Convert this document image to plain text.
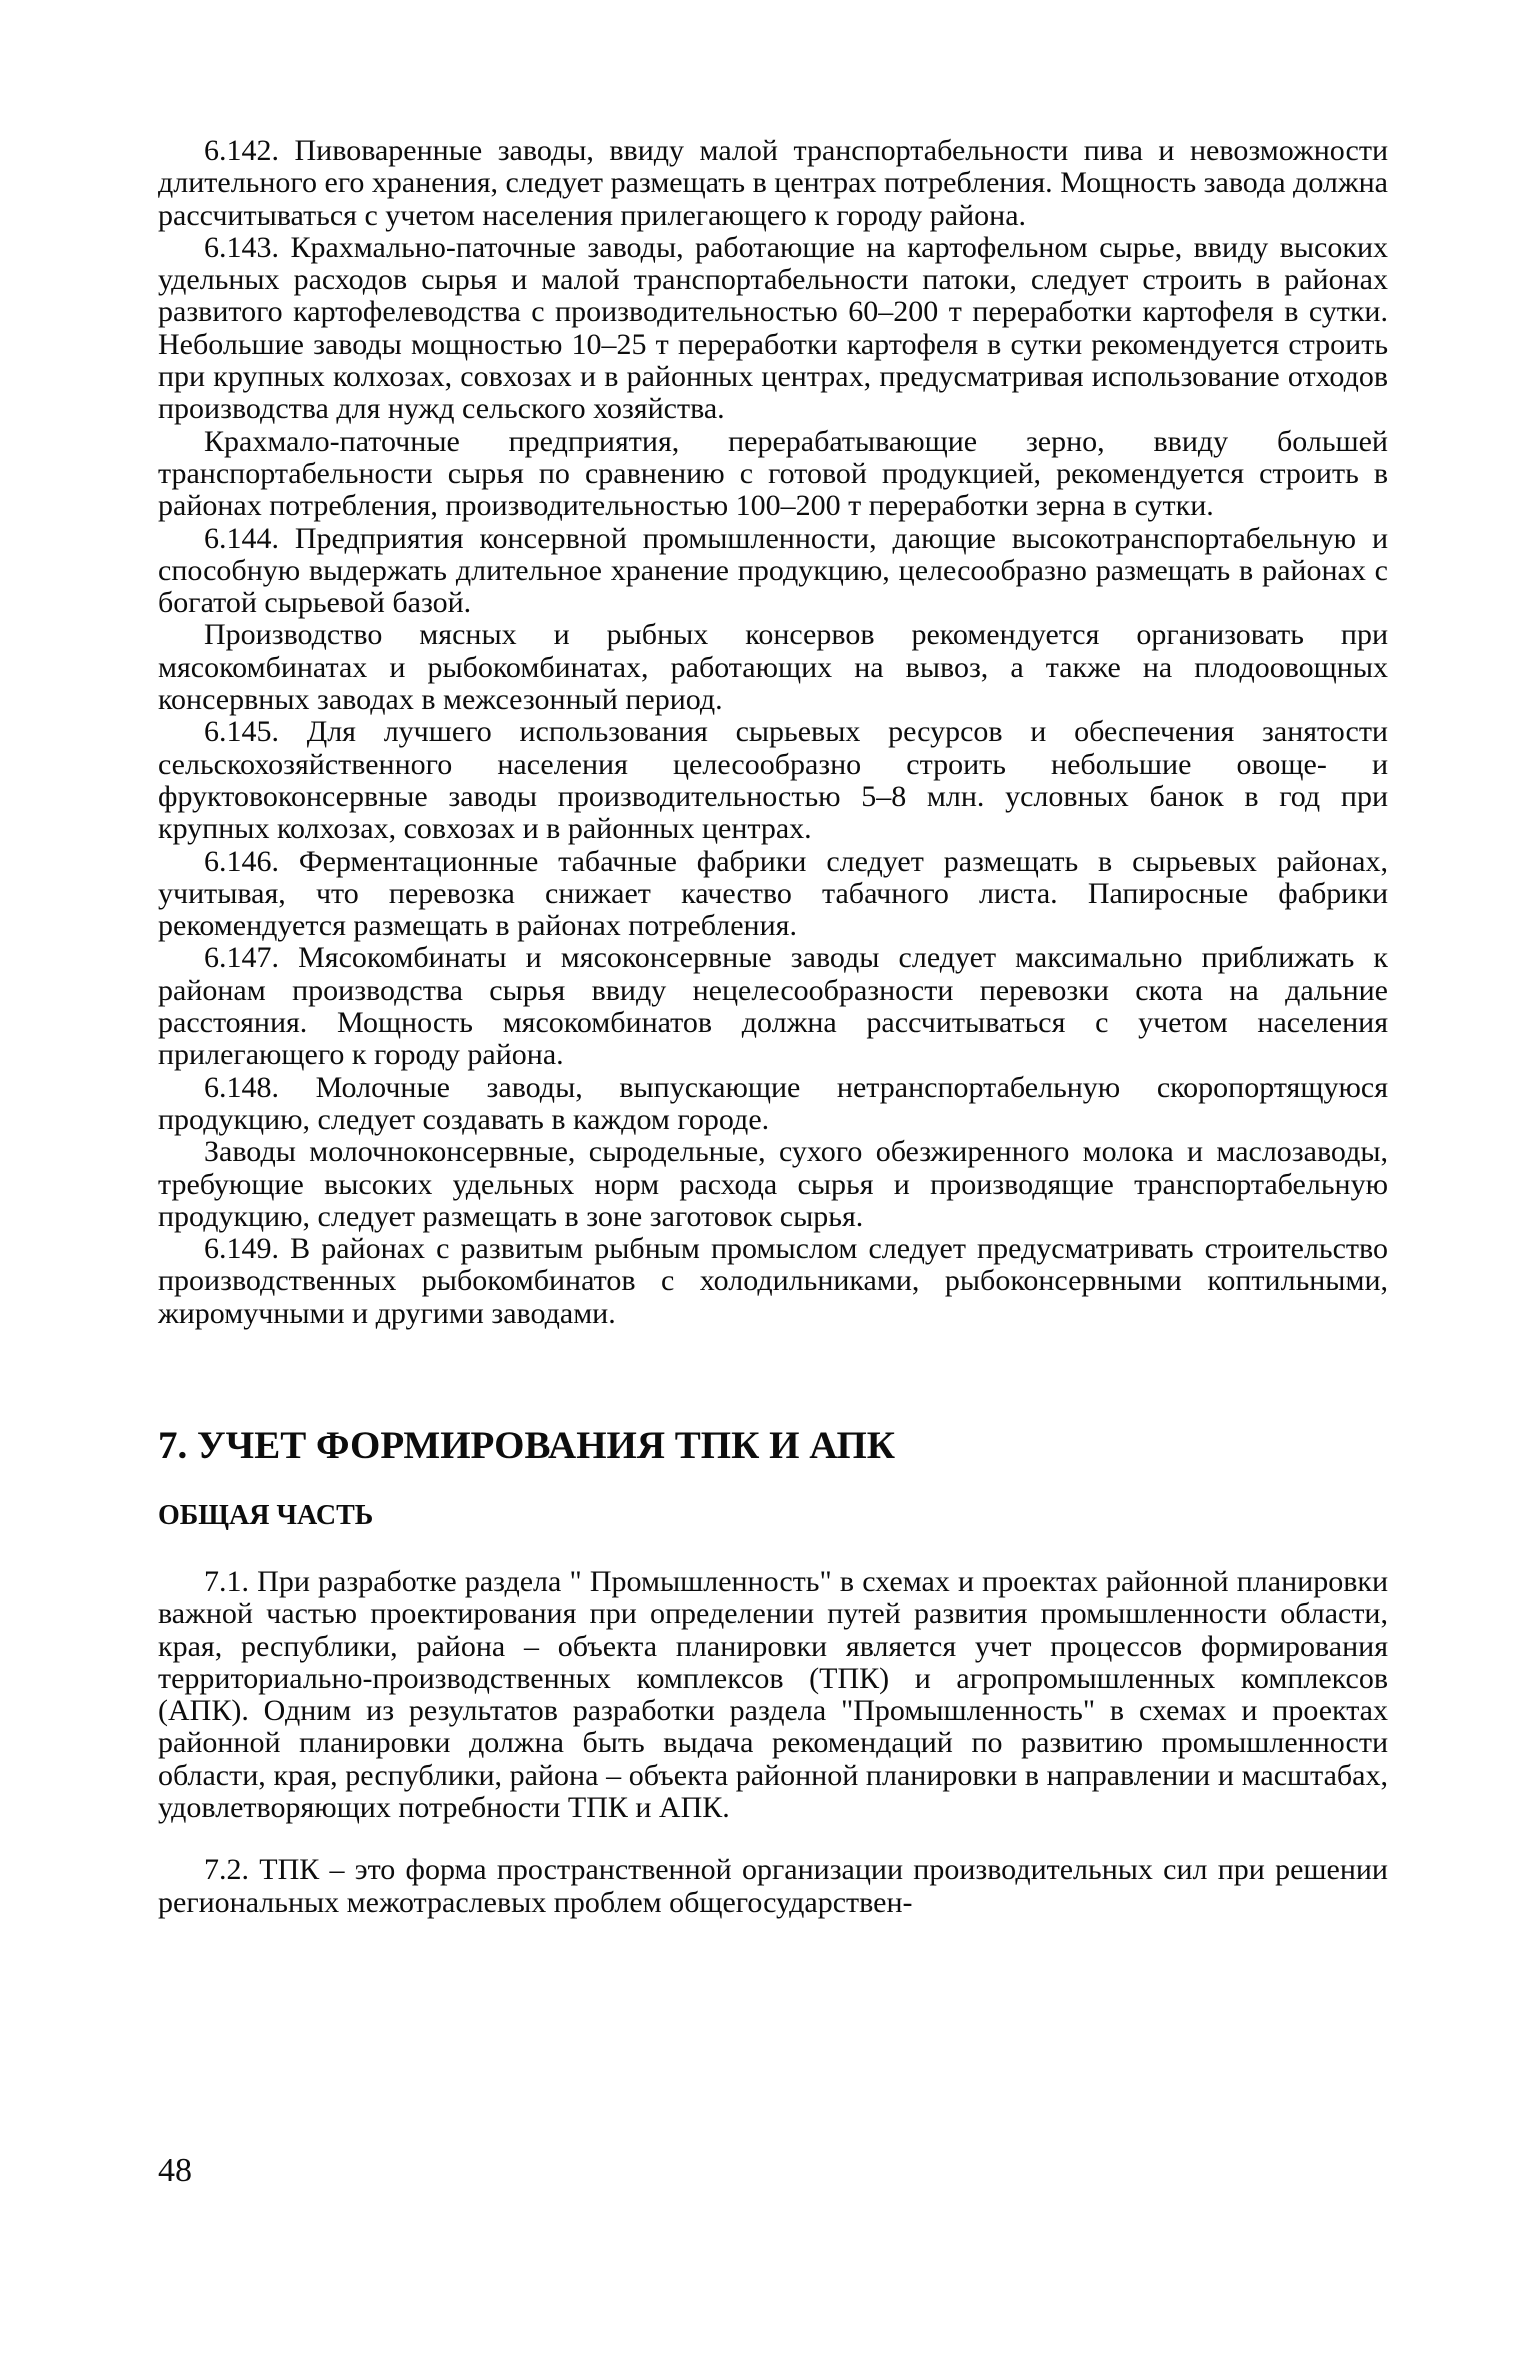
6.142. Пивоваренные заводы, ввиду малой транспортабельности пива и невозможности длительного его хранения, следует размещать в центрах потребления. Мощность завода должна рассчитываться с учетом населения прилегающего к городу района.

6.143. Крахмально-паточные заводы, работающие на картофельном сырье, ввиду высоких удельных расходов сырья и малой транспортабельности патоки, следует строить в районах развитого картофелеводства с производительностью 60–200 т переработки картофеля в сутки. Небольшие заводы мощностью 10–25 т переработки картофеля в сутки рекомендуется строить при крупных колхозах, совхозах и в районных центрах, предусматривая использование отходов производства для нужд сельского хозяйства.

Крахмало-паточные предприятия, перерабатывающие зерно, ввиду большей транспортабельности сырья по сравнению с готовой продукцией, рекомендуется строить в районах потребления, производительностью 100–200 т переработки зерна в сутки.

6.144. Предприятия консервной промышленности, дающие высокотранспортабельную и способную выдержать длительное хранение продукцию, целесообразно размещать в районах с богатой сырьевой базой.

Производство мясных и рыбных консервов рекомендуется организовать при мясокомбинатах и рыбокомбинатах, работающих на вывоз, а также на плодоовощных консервных заводах в межсезонный период.

6.145. Для лучшего использования сырьевых ресурсов и обеспечения занятости сельскохозяйственного населения целесообразно строить небольшие овоще- и фруктовоконсервные заводы производительностью 5–8 млн. условных банок в год при крупных колхозах, совхозах и в районных центрах.

6.146. Ферментационные табачные фабрики следует размещать в сырьевых районах, учитывая, что перевозка снижает качество табачного листа. Папиросные фабрики рекомендуется размещать в районах потребления.

6.147. Мясокомбинаты и мясоконсервные заводы следует максимально приближать к районам производства сырья ввиду нецелесообразности перевозки скота на дальние расстояния. Мощность мясокомбинатов должна рассчитываться с учетом населения прилегающего к городу района.

6.148. Молочные заводы, выпускающие нетранспортабельную скоропортящуюся продукцию, следует создавать в каждом городе.

Заводы молочноконсервные, сыродельные, сухого обезжиренного молока и маслозаводы, требующие высоких удельных норм расхода сырья и производящие транспортабельную продукцию, следует размещать в зоне заготовок сырья.

6.149. В районах с развитым рыбным промыслом следует предусматривать строительство производственных рыбокомбинатов с холодильниками, рыбоконсервными коптильными, жиромучными и другими заводами.

7. УЧЕТ ФОРМИРОВАНИЯ ТПК И АПК
ОБЩАЯ ЧАСТЬ

7.1. При разработке раздела " Промышленность" в схемах и проектах районной планировки важной частью проектирования при определении путей развития промышленности области, края, республики, района – объекта планировки является учет процессов формирования территориально-производственных комплексов (ТПК) и агропромышленных комплексов (АПК). Одним из результатов разработки раздела "Промышленность" в схемах и проектах районной планировки должна быть выдача рекомендаций по развитию промышленности области, края, республики, района – объекта районной планировки в направлении и масштабах, удовлетворяющих потребности ТПК и АПК.

7.2. ТПК – это форма пространственной организации производительных сил при решении региональных межотраслевых проблем общегосударствен-

48
